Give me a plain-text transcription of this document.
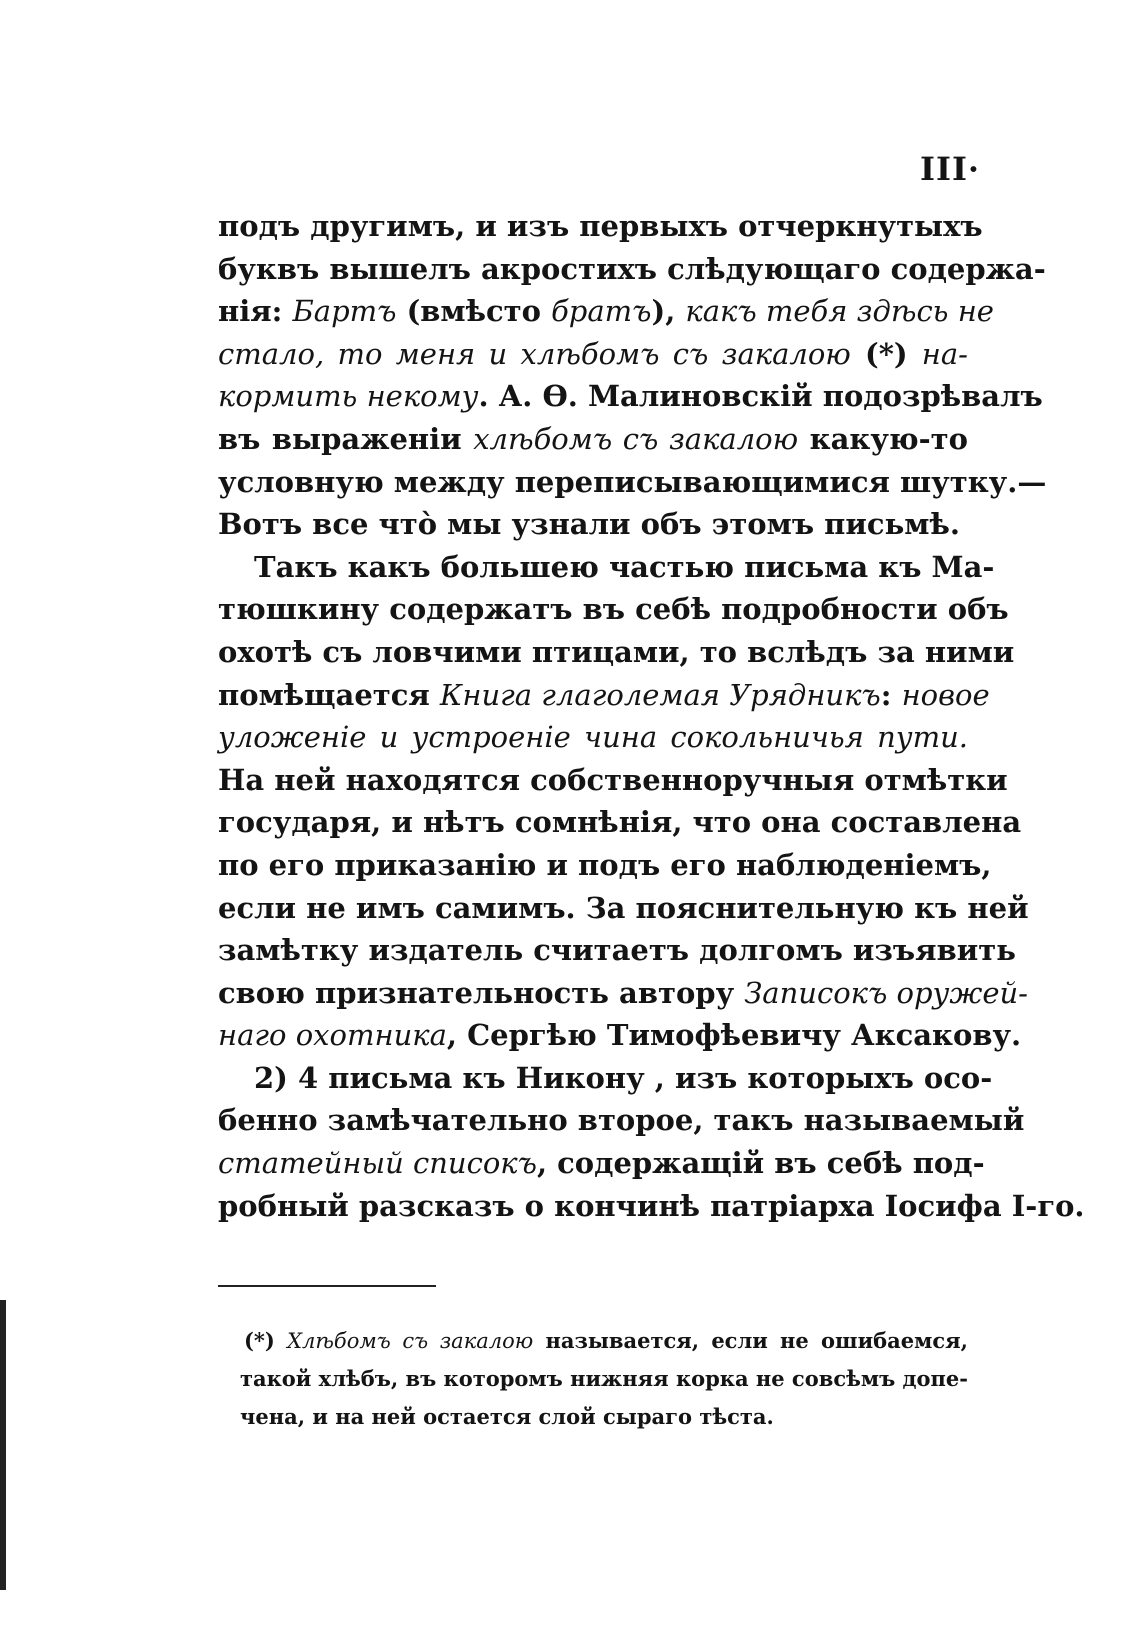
III·
подъ другимъ, и изъ первыхъ отчеркнутыхъ
буквъ вышелъ акростихъ слѣдующаго содержа-
нія: Бартъ (вмѣсто братъ), какъ тебя здѣсь не
стало, то меня и хлѣбомъ съ закалою (*) на-
кормить некому. А. Ѳ. Малиновскій подозрѣвалъ
въ выраженіи хлѣбомъ съ закалою какую-то
условную между переписывающимися шутку.—
Вотъ все что̀ мы узнали объ этомъ письмѣ.
Такъ какъ большею частью письма къ Ма-
тюшкину содержатъ въ себѣ подробности объ
охотѣ съ ловчими птицами, то вслѣдъ за ними
помѣщается Книга глаголемая Урядникъ: новое
уложеніе и устроеніе чина сокольничья пути.
На ней находятся собственноручныя отмѣтки
государя, и нѣтъ сомнѣнія, что она составлена
по его приказанію и подъ его наблюденіемъ,
если не имъ самимъ. За пояснительную къ ней
замѣтку издатель считаетъ долгомъ изъявить
свою признательность автору Записокъ оружей-
наго охотника, Сергѣю Тимофѣевичу Аксакову.
2) 4 письма къ Никону , изъ которыхъ осо-
бенно замѣчательно второе, такъ называемый
статейный списокъ, содержащій въ себѣ под-
робный разсказъ о кончинѣ патріарха Іосифа І-го.
(*) Хлѣбомъ съ закалою называется, если не ошибаемся,
такой хлѣбъ, въ которомъ нижняя корка не совсѣмъ допе-
чена, и на ней остается слой сыраго тѣста.
